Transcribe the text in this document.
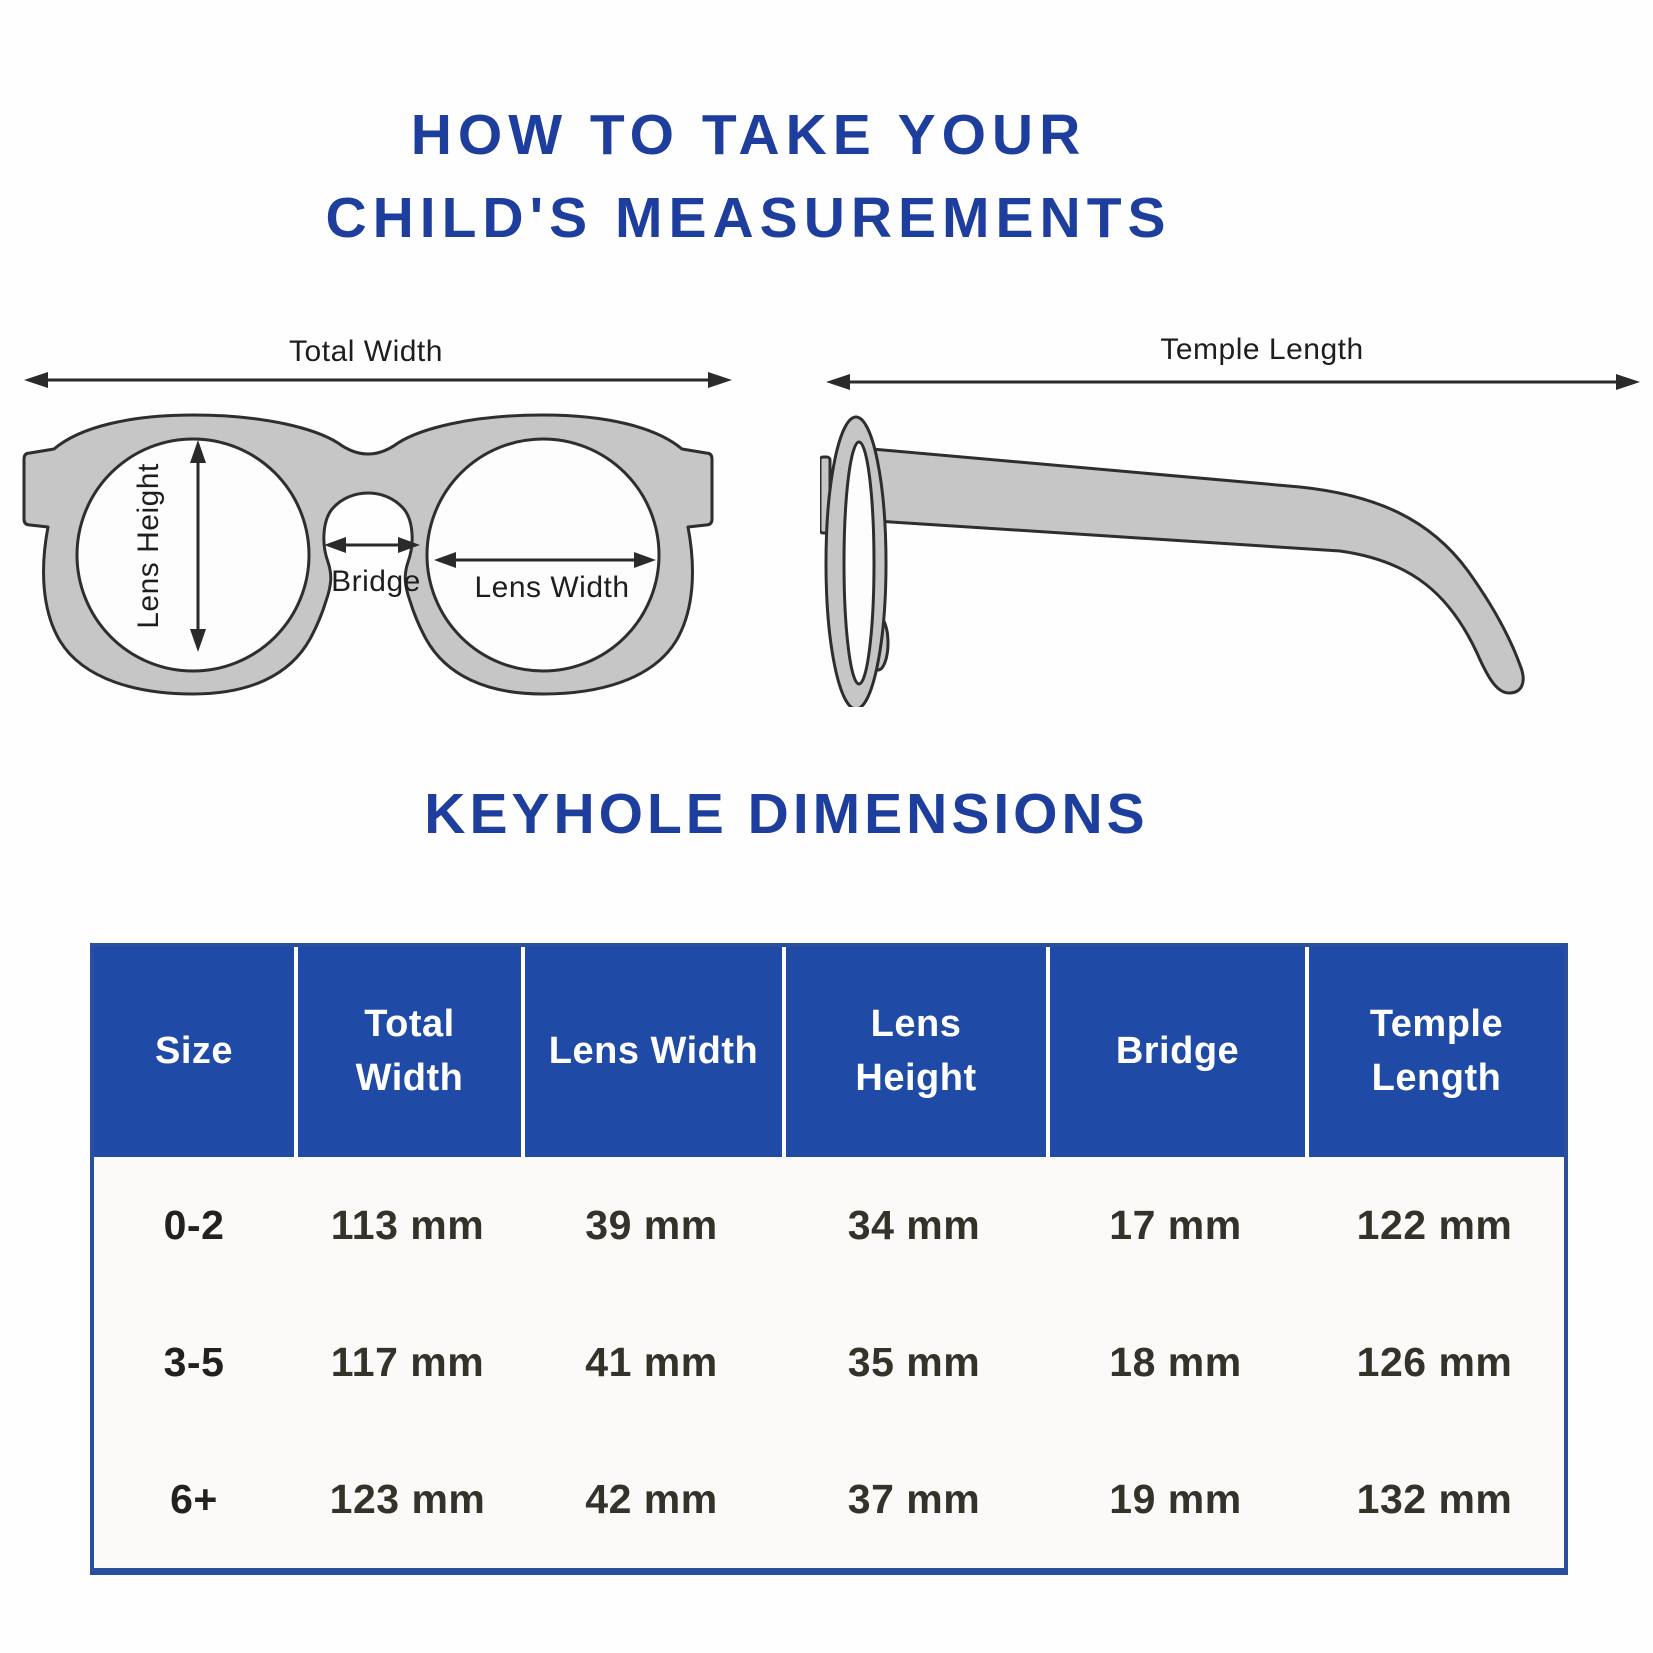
HOW TO TAKE YOUR
CHILD'S MEASUREMENTS
Total Width
Lens Height	Bridge Lens Width
Temple Length
KEYHOLE DIMENSIONS
Size	Total Width	Lens Width	Lens Height	Bridge	Temple Length
0-2	113 mm	39 mm	34 mm	17 mm	122 mm
3-5	117 mm	41 mm	35 mm	18 mm	126 mm
6+	123 mm	42 mm	37 mm	19 mm	132 mm
